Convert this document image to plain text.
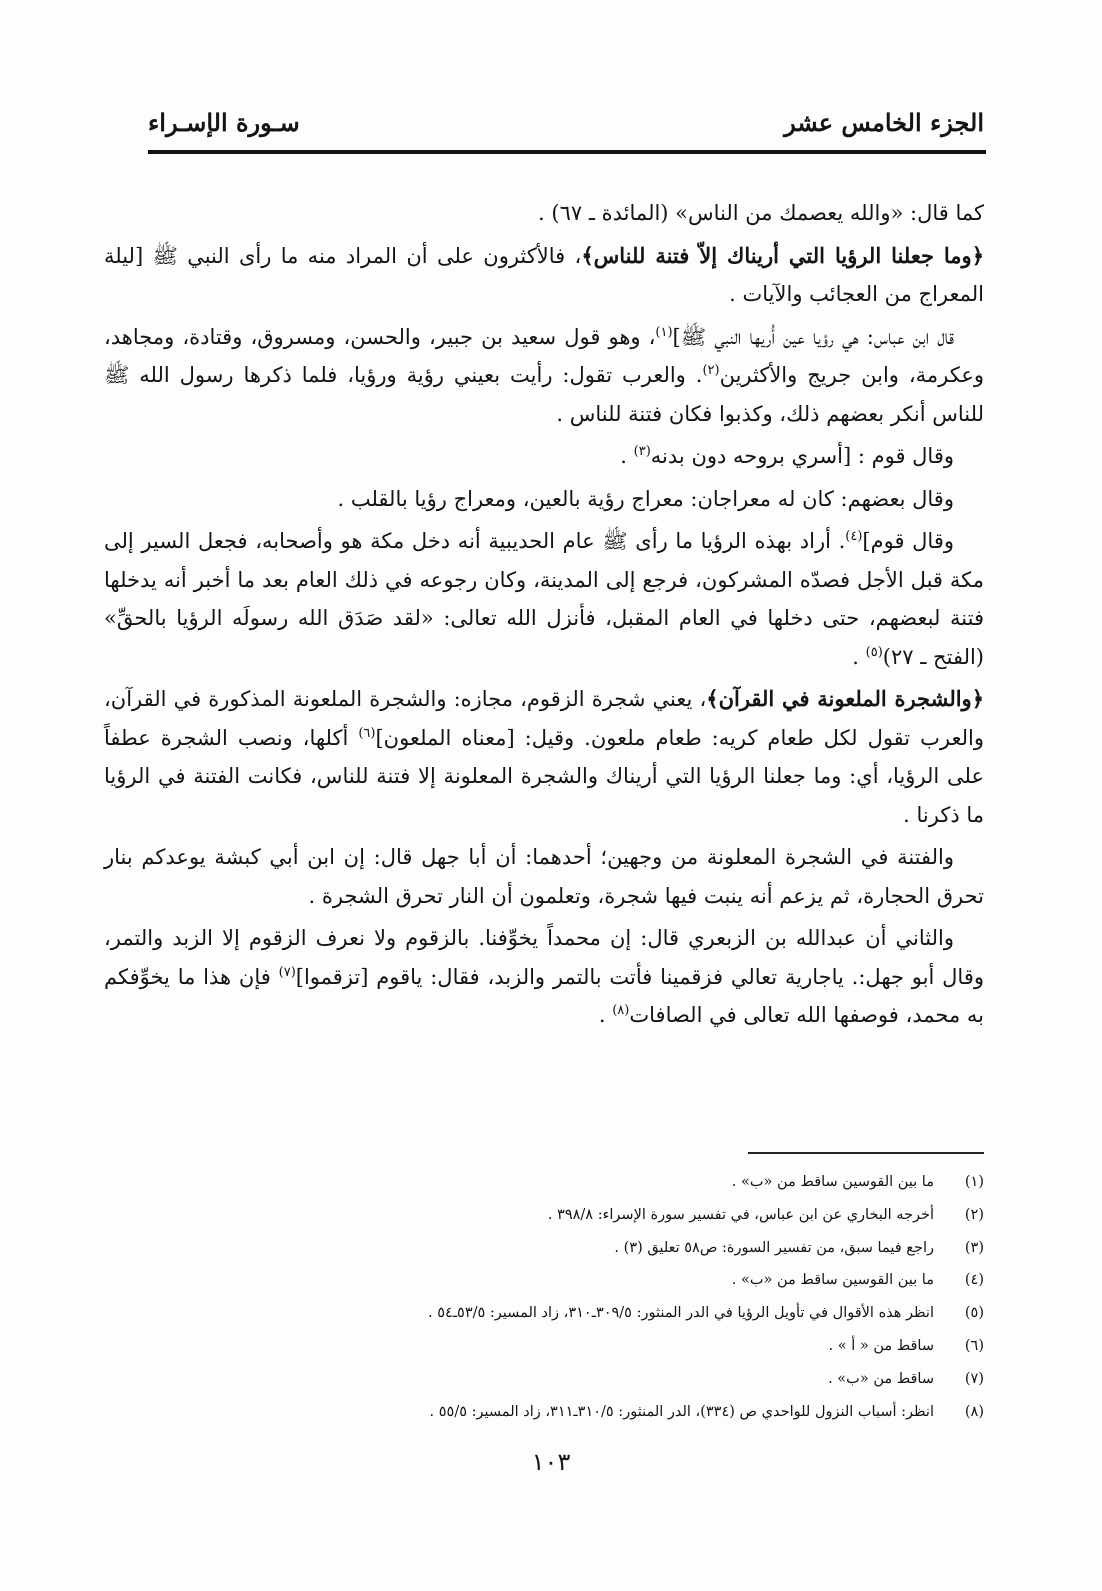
الجزء الخامس عشر
سـورة الإسـراء

كما قال: «والله يعصمك من الناس» (المائدة ـ ٦٧) .

﴿وما جعلنا الرؤيا التي أريناك إلاّ فتنة للناس﴾، فالأكثرون على أن المراد منه ما رأى النبي ﷺ [ليلة المعراج من العجائب والآيات .

قال ابن عباس: هي رؤيا عين أُريها النبي ﷺ]$^{(١)}$، وهو قول سعيد بن جبير، والحسن، ومسروق، وقتادة، ومجاهد، وعكرمة، وابن جريج والأكثرين$^{(٢)}$. والعرب تقول: رأيت بعيني رؤية ورؤيا، فلما ذكرها رسول الله ﷺ للناس أنكر بعضهم ذلك، وكذبوا فكان فتنة للناس .

وقال قوم : [أسري بروحه دون بدنه$^{(٣)}$ .

وقال بعضهم: كان له معراجان: معراج رؤية بالعين، ومعراج رؤيا بالقلب .

وقال قوم]$^{(٤)}$. أراد بهذه الرؤيا ما رأى ﷺ عام الحديبية أنه دخل مكة هو وأصحابه، فجعل السير إلى مكة قبل الأجل فصدّه المشركون، فرجع إلى المدينة، وكان رجوعه في ذلك العام بعد ما أخبر أنه يدخلها فتنة لبعضهم، حتى دخلها في العام المقبل، فأنزل الله تعالى: «لقد صَدَق الله رسولَه الرؤيا بالحقِّ» (الفتح ـ ٢٧)$^{(٥)}$ .

﴿والشجرة الملعونة في القرآن﴾، يعني شجرة الزقوم، مجازه: والشجرة الملعونة المذكورة في القرآن، والعرب تقول لكل طعام كريه: طعام ملعون. وقيل: [معناه الملعون]$^{(٦)}$ أكلها، ونصب الشجرة عطفاً على الرؤيا، أي: وما جعلنا الرؤيا التي أريناك والشجرة المعلونة إلا فتنة للناس، فكانت الفتنة في الرؤيا ما ذكرنا .

والفتنة في الشجرة المعلونة من وجهين؛ أحدهما: أن أبا جهل قال: إن ابن أبي كبشة يوعدكم بنار تحرق الحجارة، ثم يزعم أنه ينبت فيها شجرة، وتعلمون أن النار تحرق الشجرة .

والثاني أن عبدالله بن الزبعري قال: إن محمداً يخوِّفنا. بالزقوم ولا نعرف الزقوم إلا الزبد والتمر، وقال أبو جهل:. ياجارية تعالي فزقمينا فأتت بالتمر والزبد، فقال: ياقوم [تزقموا]$^{(٧)}$ فإن هذا ما يخوِّفكم به محمد، فوصفها الله تعالى في الصافات$^{(٨)}$ .

(١)
ما بين القوسين ساقط من «ب» .
(٢)
أخرجه البخاري عن ابن عباس، في تفسير سورة الإسراء: ٣٩٨/٨ .
(٣)
راجع فيما سبق، من تفسير السورة: ص٥٨ تعليق (٣) .
(٤)
ما بين القوسين ساقط من «ب» .
(٥)
انظر هذه الأقوال في تأويل الرؤيا في الدر المنثور: ٣٠٩/٥ـ٣١٠، زاد المسير: ٥٣/٥ـ٥٤ .
(٦)
ساقط من « أ » .
(٧)
ساقط من «ب» .
(٨)
انظر: أسباب النزول للواحدي ص (٣٣٤)، الدر المنثور: ٣١٠/٥ـ٣١١، زاد المسير: ٥٥/٥ .
١٠٣
